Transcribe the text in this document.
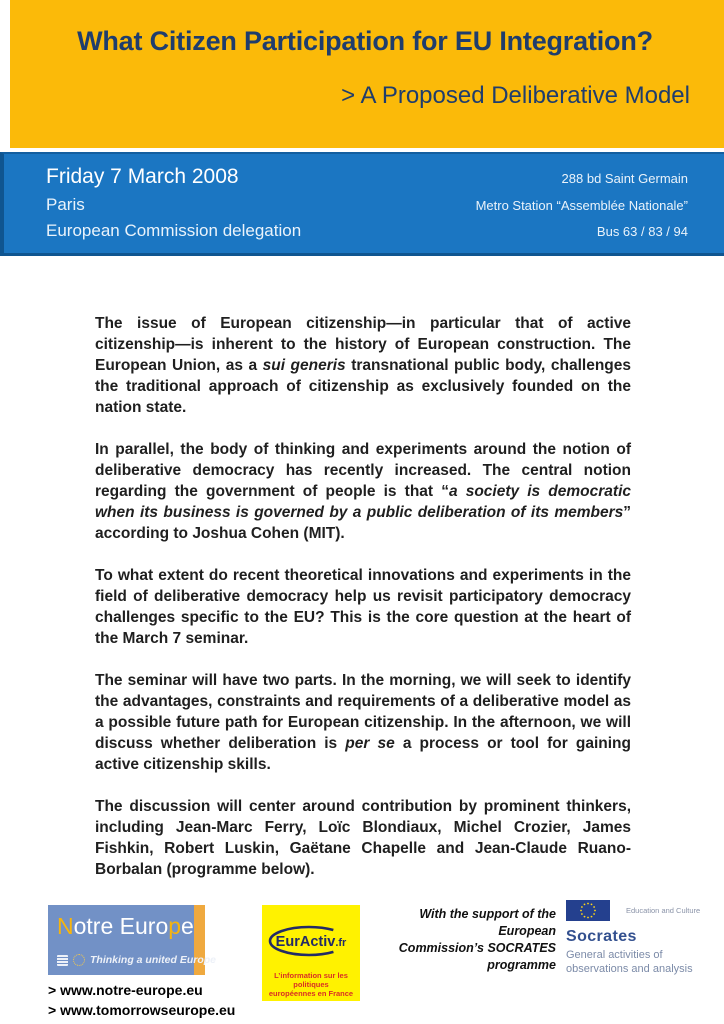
What Citizen Participation for EU Integration?
> A Proposed Deliberative Model
Friday 7 March 2008	288 bd Saint Germain
Paris	Metro Station “Assemblée Nationale”
European Commission delegation	Bus 63 / 83 / 94

The issue of European citizenship—in particular that of active citizenship—is inherent to the history of European construction. The European Union, as a sui generis transnational public body, challenges the traditional approach of citizenship as exclusively founded on the nation state.

In parallel, the body of thinking and experiments around the notion of deliberative democracy has recently increased. The central notion regarding the government of people is that “a society is democratic when its business is governed by a public deliberation of its members” according to Joshua Cohen (MIT).

To what extent do recent theoretical innovations and experiments in the field of deliberative democracy help us revisit participatory democracy challenges specific to the EU? This is the core question at the heart of the March 7 seminar.

The seminar will have two parts. In the morning, we will seek to identify the advantages, constraints and requirements of a deliberative model as a possible future path for European citizenship. In the afternoon, we will discuss whether deliberation is per se a process or tool for gaining active citizenship skills.

The discussion will center around contribution by prominent thinkers, including Jean-Marc Ferry, Loïc Blondiaux, Michel Crozier, James Fishkin, Robert Luskin, Gaëtane Chapelle and Jean-Claude Ruano-Borbalan (programme below).

Notre Europe
Thinking a united Europe
> www.notre-europe.eu
> www.tomorrowseurope.eu
EurActiv.fr
L’information sur les politiques
européennes en France
With the support of the European
Commission’s SOCRATES
programme
Education and Culture
Socrates
General activities of
observations and analysis
